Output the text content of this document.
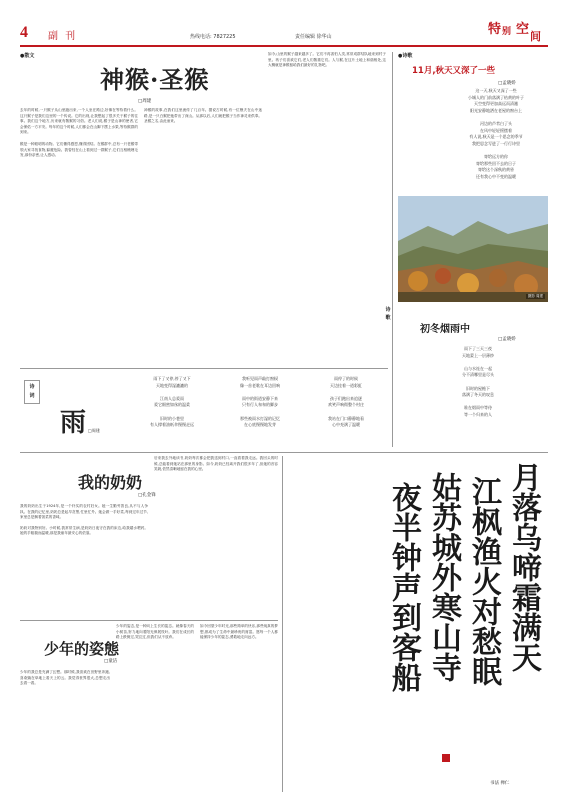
4 副 刊	热线电话: 7827225	责任编辑 徐华山	特 别 空 间
●散文
神猴·圣猴
□周建

去年的时候,一只猴子从山里跑出来,一个人坐在路边,好像在等待着什么。这只猴子是我们这里的一个传说。它的出现,让我想起了很多关于猴子的往事。我们这个地方,历来就有敬猴的习俗。老人们说,猴子是山神的使者,它会保佑一方平安。每年的这个时候,人们都会在山脚下摆上水果,等待猴群的到来。

猴是一种聪明的动物。它们懂得感恩,懂得团结。在猴群中,总有一只老猴带领大家寻找食物,躲避危险。我曾经在山上看到过一群猴子,它们互相梳理毛发,那份亲密,让人感动。

神猴的故事,在我们这里流传了几百年。据说古时候,有一位樵夫在山中迷路,是一只白猴把他带出了深山。从那以后,人们就把猴子当作神灵来供奉。圣猴之名,由此而来。

如今,山里的猴子越来越多了。它们不再害怕人类,常常成群结队地来到村子里。孩子们喜欢它们,老人们敬重它们。人与猴,在这片土地上和谐相处,这大概就是神猴留给我们最好的礼物吧。

●诗歌
11月,秋天又深了一些
□孟晓娇
这一天,秋天又深了一些
小城人的门前落满了枯黄的叶子
天空变得更加高远而清澈
阳光安静地洒在老屋的窗台上

河边的芦苇白了头
在风中轻轻摇摆着
有人说,秋天是一个思念的季节
我把思念写进了一行行诗里

寄给远方的你
寄给那些回不去的日子
寄给这个深秋的黄昏
还有我心中不变的温暖
摄影 周建
诗
歌
初冬烟雨中
□孟晓娇
雨下了三天三夜
天地蒙上一层薄纱

山与水连在一起
分不清哪里是尽头

旧时的屋檐下
落满了冬天的叹息

谁在烟雨中等待
等一个归来的人
诗
词
雨 □周建
雨下了又停,停了又下
天地变得湿漉漉的

江南人总爱雨
爱它细密如丝的温柔

旧时的小巷里
有人撑着油纸伞慢慢走远
我听见雨声敲打窗棂
像一首老歌在耳边回响

雨中的街道安静下来
只有行人匆匆的脚步

那些被雨水打湿的记忆
在心底慢慢地发芽
雨停了的时候
天边挂着一道彩虹

孩子们跑出来追逐
欢笑声响彻整个村庄

我站在门口静静地看
心中充满了温暖
我的奶奶
□孔金锋

我的奶奶出生于1924年,是一个朴实的农村妇女。她一生勤劳善良,从不与人争执。在我的记忆里,奶奶总是起早贪黑,忙里忙外。她会做一手好菜,每到过年过节,家里总是飘着饭菜的香味。

奶奶对我特别好。小时候,我常常生病,是奶奶日夜守在我的床边,给我端水喂药。她的手粗糙而温暖,那是我童年最安心的依靠。

后来我去外地读书,奶奶每次都会把我送到村口,一直看着我走远。我回头的时候,总能看到她站在那里的身影。如今,奶奶已经离开我们很多年了,但她的音容笑貌,依然清晰地留在我的心里。

少年的姿態
□童洁

少年的我总是充满了幻想。那时候,我喜欢在田野里奔跑,喜欢躺在草地上看天上的云。我觉得世界很大,总想走出去看一看。

少年的姿态,是一种向上生长的姿态。就像春天的小树苗,努力地向着阳光伸展枝叶。我们在成长的路上跌倒过,哭泣过,但我们从不放弃。

如今回望少年时光,那些简单的快乐,那些纯真的梦想,都成为了生命中最珍贵的财富。愿每一个人都能保持少年的姿态,勇敢地走向远方。	夜半钟声到客船 姑苏城外寒山寺 江枫渔火对愁眠 月落乌啼霜满天
书法 禅仁
